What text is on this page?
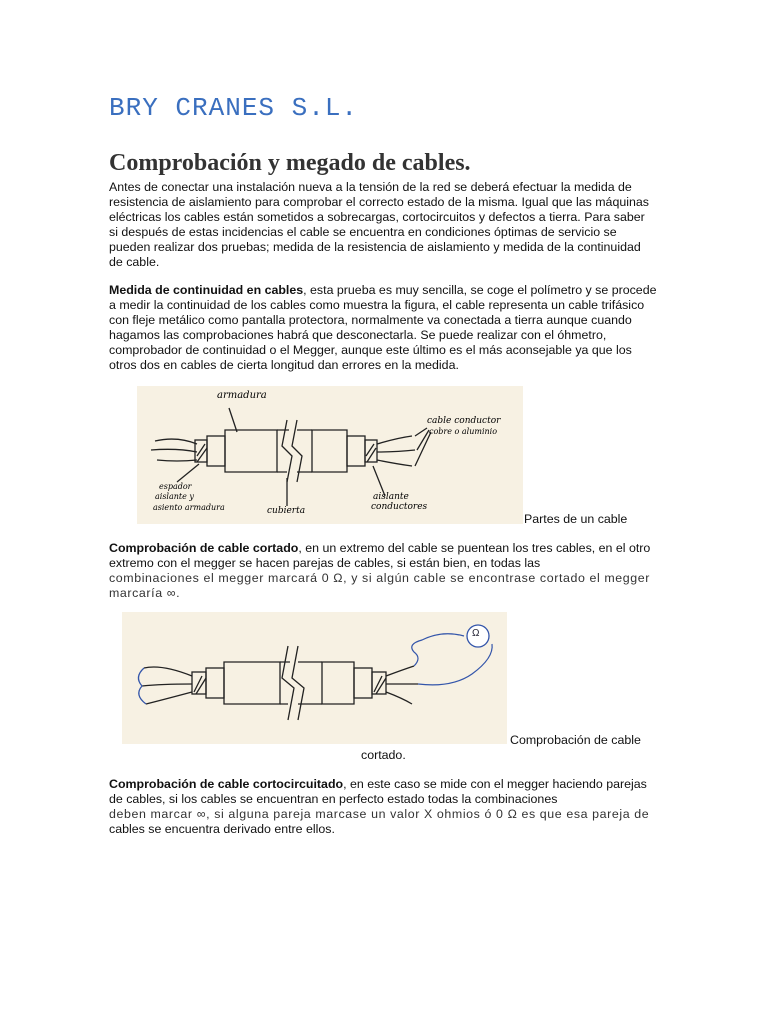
BRY CRANES S.L.
Comprobación y megado de cables.
Antes de conectar una instalación nueva a la tensión de la red se deberá efectuar la medida de resistencia de aislamiento para comprobar el correcto estado de la misma. Igual que las máquinas eléctricas los cables están sometidos a sobrecargas, cortocircuitos y defectos a tierra. Para saber si después de estas incidencias el cable se encuentra en condiciones óptimas de servicio se pueden realizar dos pruebas; medida de la resistencia de aislamiento y medida de la continuidad de cable.
Medida de continuidad en cables, esta prueba es muy sencilla, se coge el polímetro y se procede a medir la continuidad de los cables como muestra la figura, el cable representa un cable trifásico con fleje metálico como pantalla protectora, normalmente va conectada a tierra aunque cuando hagamos las comprobaciones habrá que desconectarla. Se puede realizar con el óhmetro, comprobador de continuidad o el Megger, aunque este último es el más aconsejable ya que los otros dos en cables de cierta longitud dan errores en la medida.
armadura
cable conductor
cobre o aluminio
espador
aislante y
asiento armadura	cubierta
aislante
conductores
Partes de un cable
Comprobación de cable cortado, en un extremo del cable se puentean los tres cables, en el otro extremo con el megger se hacen parejas de cables, si están bien, en todas las
combinaciones el megger marcará 0 Ω, y si algún cable se encontrase cortado el megger marcaría ∞.
Ω
Comprobación de cable
cortado.
Comprobación de cable cortocircuitado, en este caso se mide con el megger haciendo parejas de cables, si los cables se encuentran en perfecto estado todas la combinaciones
deben marcar ∞, si alguna pareja marcase un valor X ohmios ó 0 Ω es que esa pareja de
cables se encuentra derivado entre ellos.
